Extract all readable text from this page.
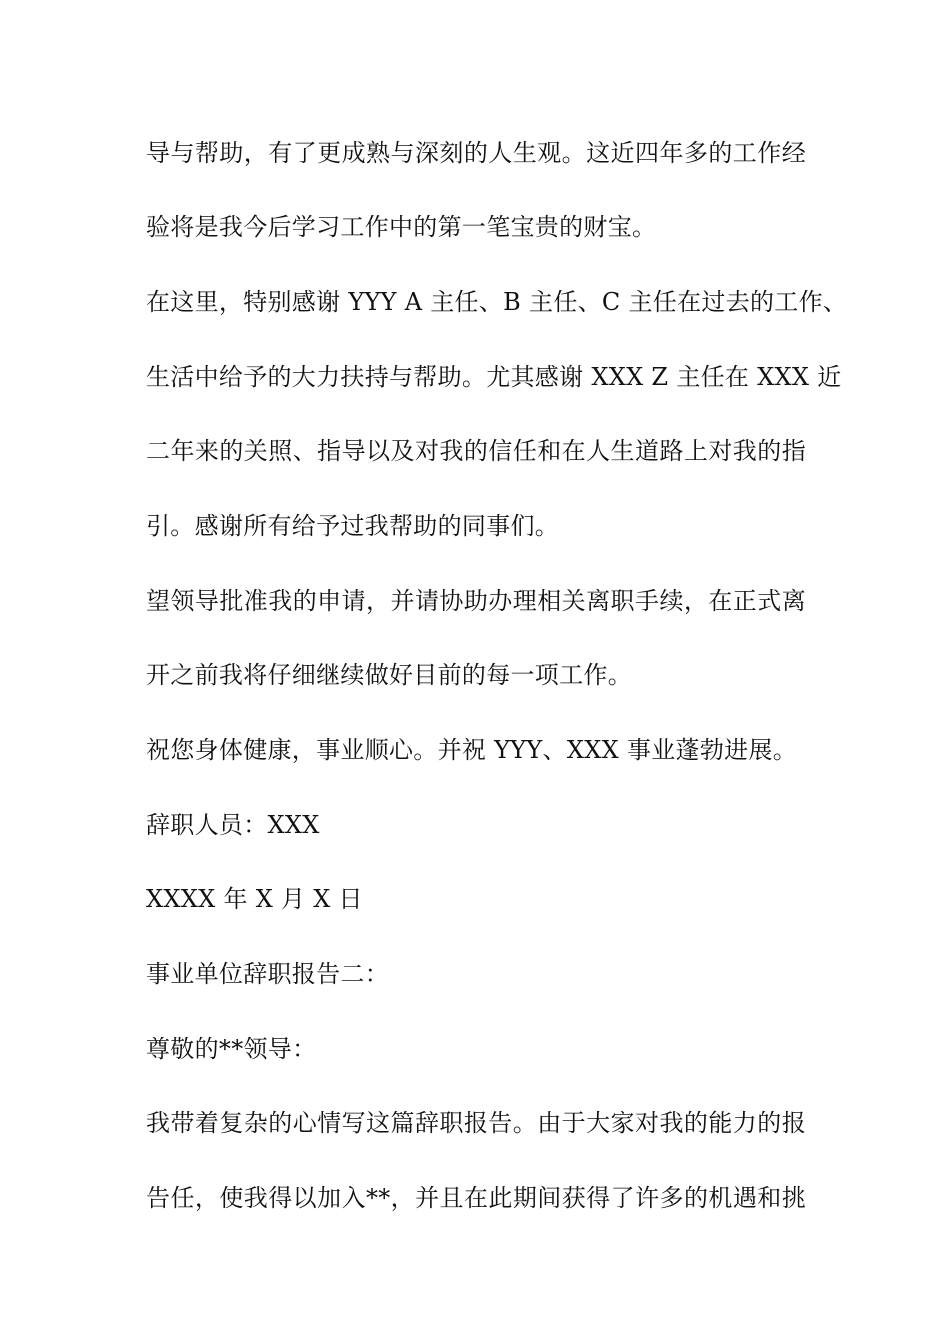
导与帮助，有了更成熟与深刻的人生观。这近四年多的工作经
验将是我今后学习工作中的第一笔宝贵的财宝。
在这里，特别感谢 YYY A 主任、B 主任、C 主任在过去的工作、
生活中给予的大力扶持与帮助。尤其感谢 XXX Z 主任在 XXX 近
二年来的关照、指导以及对我的信任和在人生道路上对我的指
引。感谢所有给予过我帮助的同事们。
望领导批准我的申请，并请协助办理相关离职手续，在正式离
开之前我将仔细继续做好目前的每一项工作。
祝您身体健康，事业顺心。并祝 YYY、XXX 事业蓬勃进展。
辞职人员：XXX
XXXX 年 X 月 X 日
事业单位辞职报告二：
尊敬的**领导：
我带着复杂的心情写这篇辞职报告。由于大家对我的能力的报
告任，使我得以加入**，并且在此期间获得了许多的机遇和挑
